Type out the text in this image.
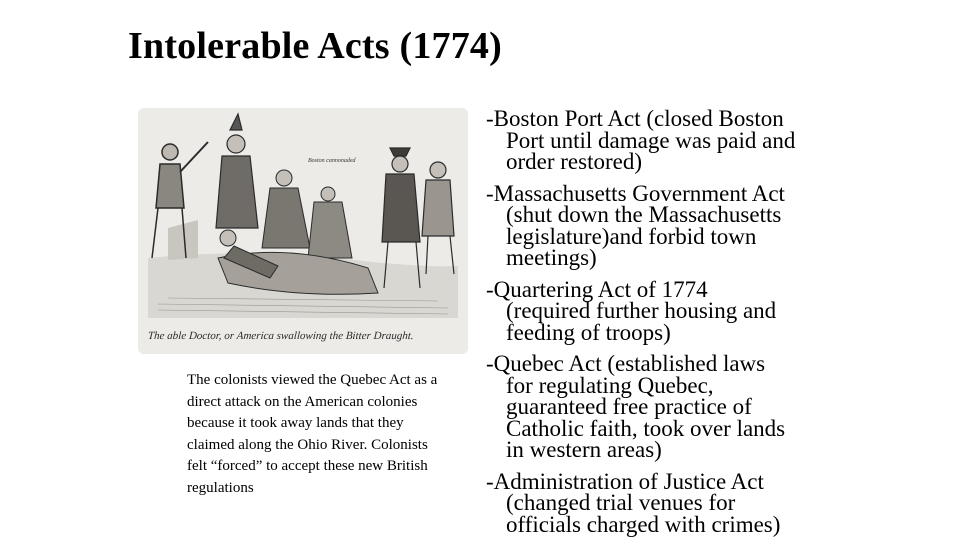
Intolerable Acts (1774)
Boston cannonaded
The able Doctor, or America swallowing the Bitter Draught.
The colonists viewed the Quebec Act as a direct attack on the American colonies because it took away lands that they claimed along the Ohio River. Colonists felt “forced” to accept these new British regulations
-Boston Port Act (closed Boston
Port until damage was paid and
order restored)
-Massachusetts Government Act
(shut down the Massachusetts
legislature)and forbid town
meetings)
-Quartering Act of 1774
(required further housing and
feeding of troops)
-Quebec Act (established laws
for regulating Quebec,
guaranteed free practice of
Catholic faith, took over lands
in western areas)
-Administration of Justice Act
(changed trial venues for
officials charged with crimes)
